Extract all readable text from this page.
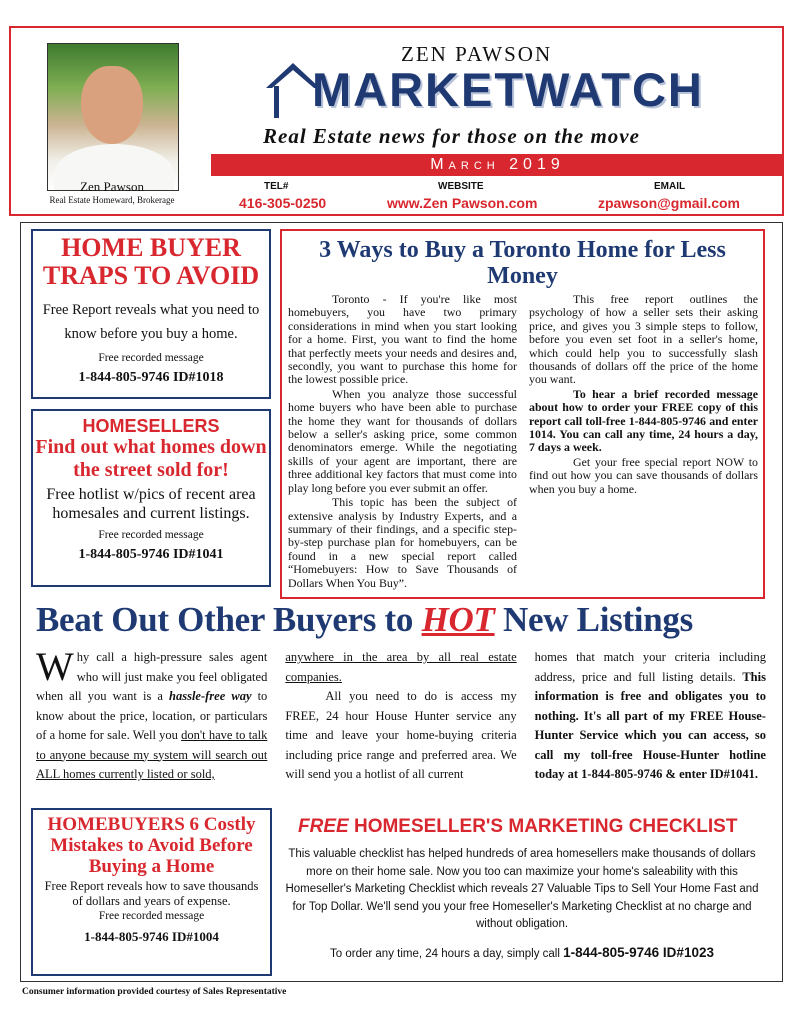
Zen Pawson
Real Estate Homeward, Brokerage
ZEN PAWSON
MARKETWATCH
Real Estate news for those on the move
March 2019
TEL#
416-305-0250
WEBSITE
www.Zen Pawson.com
EMAIL
zpawson@gmail.com
HOME BUYER TRAPS TO AVOID
Free Report reveals what you need to know before you buy a home.
Free recorded message
1-844-805-9746 ID#1018
HOMESELLERS
Find out what homes down the street sold for!
Free hotlist w/pics of recent area homesales and current listings.
Free recorded message
1-844-805-9746 ID#1041
3 Ways to Buy a Toronto Home for Less Money

Toronto - If you're like most homebuyers, you have two primary considerations in mind when you start looking for a home. First, you want to find the home that perfectly meets your needs and desires and, secondly, you want to purchase this home for the lowest possible price.

When you analyze those successful home buyers who have been able to purchase the home they want for thousands of dollars below a seller's asking price, some common denominators emerge. While the negotiating skills of your agent are important, there are three additional key factors that must come into play long before you ever submit an offer.

This topic has been the subject of extensive analysis by Industry Experts, and a summary of their findings, and a specific step-by-step purchase plan for homebuyers, can be found in a new special report called “Homebuyers: How to Save Thousands of Dollars When You Buy”.

This free report outlines the psychology of how a seller sets their asking price, and gives you 3 simple steps to follow, before you even set foot in a seller's home, which could help you to successfully slash thousands of dollars off the price of the home you want.

To hear a brief recorded message about how to order your FREE copy of this report call toll-free 1-844-805-9746 and enter 1014. You can call any time, 24 hours a day, 7 days a week.

Get your free special report NOW to find out how you can save thousands of dollars when you buy a home.

Beat Out Other Buyers to HOT New Listings
Why call a high-pressure sales agent who will just make you feel obligated when all you want is a hassle-free way to know about the price, location, or particulars of a home for sale. Well you don't have to talk to anyone because my system will search out ALL homes currently listed or sold,
anywhere in the area by all real estate companies.
All you need to do is access my FREE, 24 hour House Hunter service any time and leave your home-buying criteria including price range and preferred area. We will send you a hotlist of all current
homes that match your criteria including address, price and full listing details. This information is free and obligates you to nothing. It's all part of my FREE House-Hunter Service which you can access, so call my toll-free House-Hunter hotline today at 1-844-805-9746 & enter ID#1041.
HOMEBUYERS 6 Costly Mistakes to Avoid Before Buying a Home
Free Report reveals how to save thousands of dollars and years of expense.
Free recorded message
1-844-805-9746 ID#1004
FREE HOMESELLER'S MARKETING CHECKLIST
This valuable checklist has helped hundreds of area homesellers make thousands of dollars more on their home sale. Now you too can maximize your home's saleability with this Homeseller's Marketing Checklist which reveals 27 Valuable Tips to Sell Your Home Fast and for Top Dollar. We'll send you your free Homeseller's Marketing Checklist at no charge and without obligation.
To order any time, 24 hours a day, simply call 1-844-805-9746 ID#1023
Consumer information provided courtesy of Sales Representative
